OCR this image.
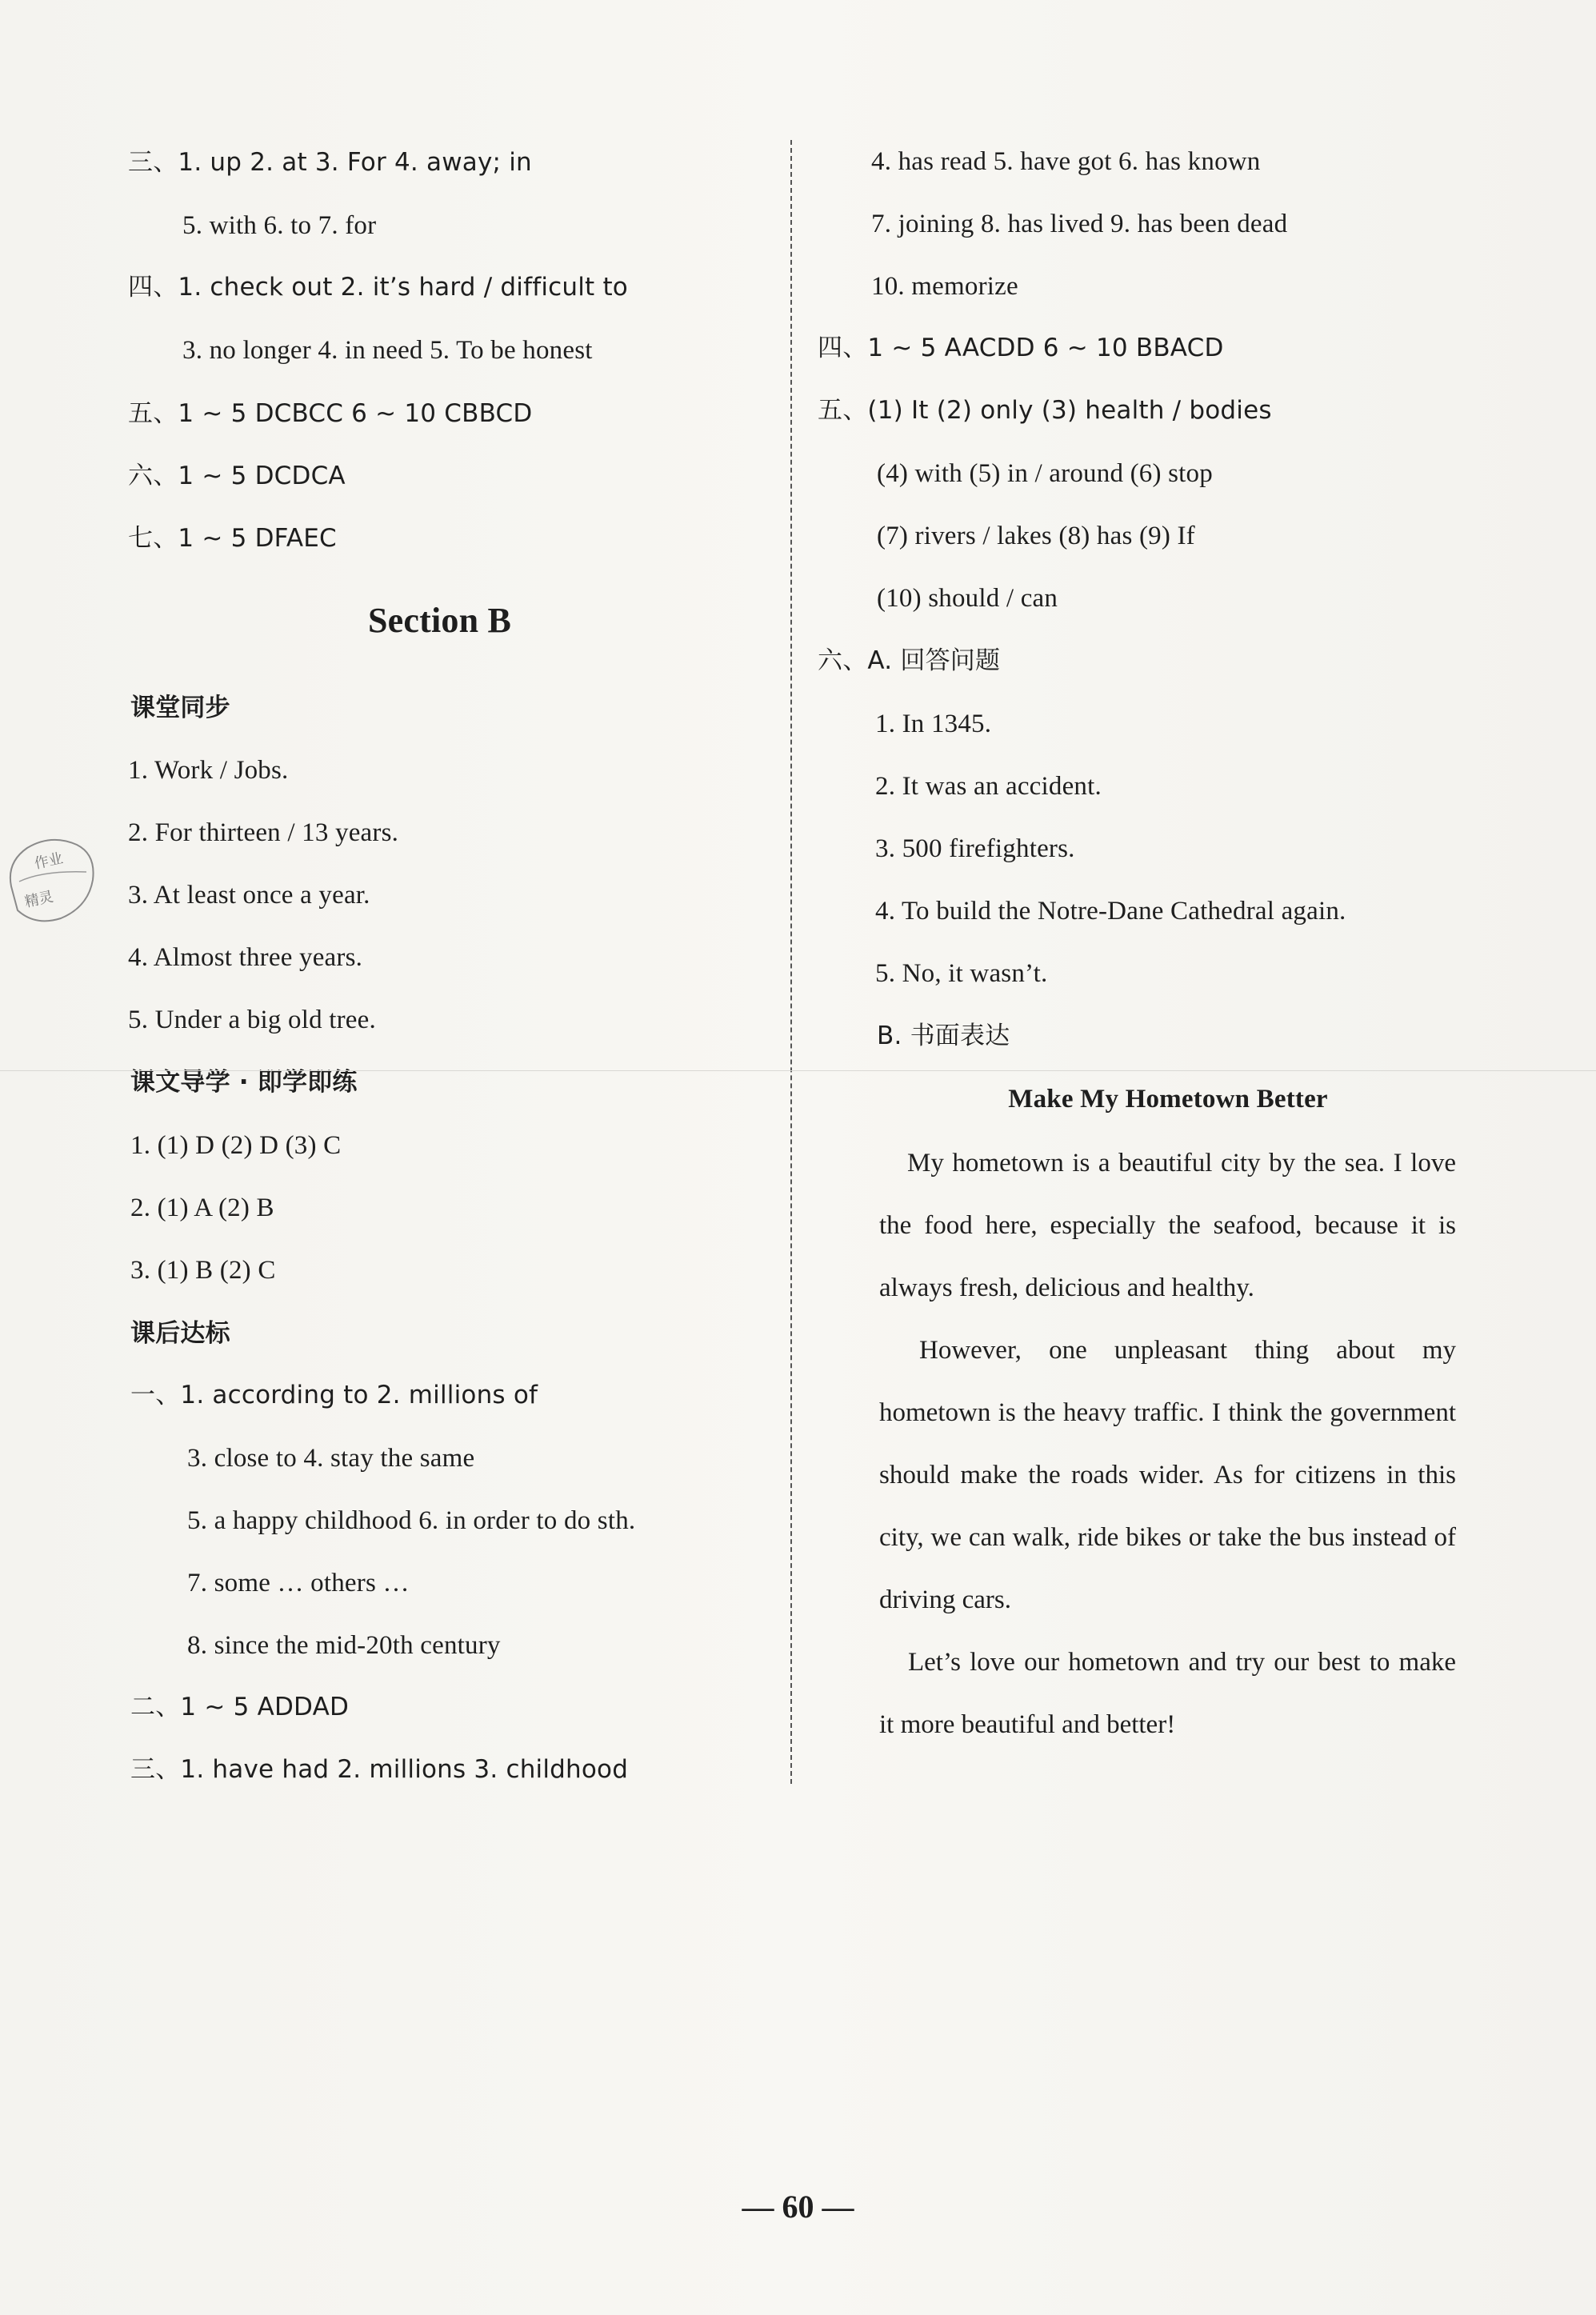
三、1. up 2. at 3. For 4. away; in
5. with 6. to 7. for
四、1. check out 2. it’s hard / difficult to
3. no longer 4. in need 5. To be honest
五、1 ~ 5 DCBCC 6 ~ 10 CBBCD
六、1 ~ 5 DCDCA
七、1 ~ 5 DFAEC
Section B
课堂同步
1. Work / Jobs.
2. For thirteen / 13 years.
3. At least once a year.
4. Almost three years.
5. Under a big old tree.
课文导学 · 即学即练
1. (1) D (2) D (3) C
2. (1) A (2) B
3. (1) B (2) C
课后达标
一、1. according to 2. millions of
3. close to 4. stay the same
5. a happy childhood 6. in order to do sth.
7. some … others …
8. since the mid-20th century
二、1 ~ 5 ADDAD
三、1. have had 2. millions 3. childhood
4. has read 5. have got 6. has known
7. joining 8. has lived 9. has been dead
10. memorize
四、1 ~ 5 AACDD 6 ~ 10 BBACD
五、(1) It (2) only (3) health / bodies
(4) with (5) in / around (6) stop
(7) rivers / lakes (8) has (9) If
(10) should / can
六、A. 回答问题
1. In 1345.
2. It was an accident.
3. 500 firefighters.
4. To build the Notre-Dane Cathedral again.
5. No, it wasn’t.
B. 书面表达
Make My Hometown Better
My hometown is a beautiful city by the sea. I love the food here, especially the seafood, because it is always fresh, delicious and healthy.
However, one unpleasant thing about my hometown is the heavy traffic. I think the government should make the roads wider. As for citizens in this city, we can walk, ride bikes or take the bus instead of driving cars.
Let’s love our hometown and try our best to make it more beautiful and better!
作业
精灵
— 60 —
